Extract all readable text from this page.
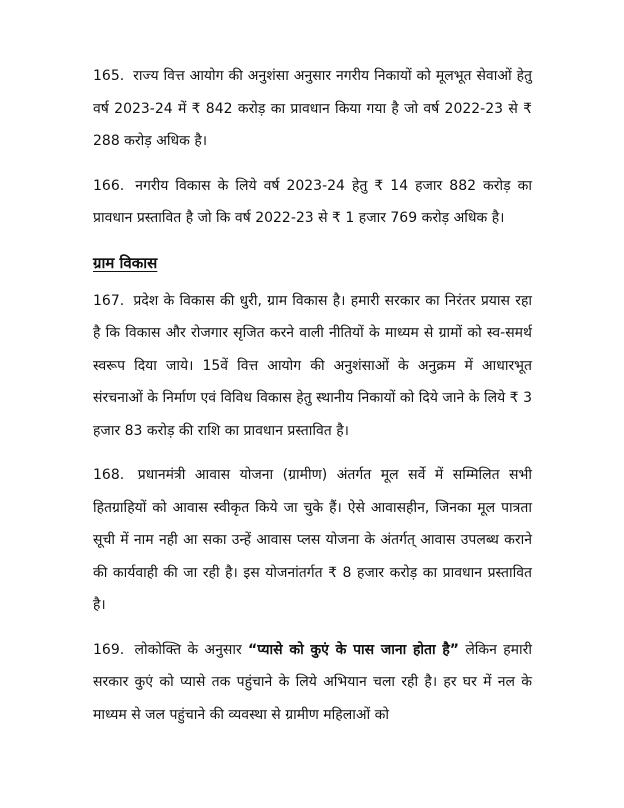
165. राज्य वित्त आयोग की अनुशंसा अनुसार नगरीय निकायों को मूलभूत सेवाओं हेतु वर्ष 2023-24 में ₹ 842 करोड़ का प्रावधान किया गया है जो वर्ष 2022-23 से ₹ 288 करोड़ अधिक है।

166. नगरीय विकास के लिये वर्ष 2023-24 हेतु ₹ 14 हजार 882 करोड़ का प्रावधान प्रस्तावित है जो कि वर्ष 2022-23 से ₹ 1 हजार 769 करोड़ अधिक है।

ग्राम विकास

167. प्रदेश के विकास की धुरी, ग्राम विकास है। हमारी सरकार का निरंतर प्रयास रहा है कि विकास और रोजगार सृजित करने वाली नीतियों के माध्यम से ग्रामों को स्व-समर्थ स्वरूप दिया जाये। 15वें वित्त आयोग की अनुशंसाओं के अनुक्रम में आधारभूत संरचनाओं के निर्माण एवं विविध विकास हेतु स्थानीय निकायों को दिये जाने के लिये ₹ 3 हजार 83 करोड़ की राशि का प्रावधान प्रस्तावित है।

168. प्रधानमंत्री आवास योजना (ग्रामीण) अंतर्गत मूल सर्वे में सम्मिलित सभी हितग्राहियों को आवास स्वीकृत किये जा चुके हैं। ऐसे आवासहीन, जिनका मूल पात्रता सूची में नाम नही आ सका उन्हें आवास प्लस योजना के अंतर्गत् आवास उपलब्ध कराने की कार्यवाही की जा रही है। इस योजनांतर्गत ₹ 8 हजार करोड़ का प्रावधान प्रस्तावित है।

169. लोकोक्ति के अनुसार “प्यासे को कुएं के पास जाना होता है” लेकिन हमारी सरकार कुएं को प्यासे तक पहुंचाने के लिये अभियान चला रही है। हर घर में नल के माध्यम से जल पहुंचाने की व्यवस्था से ग्रामीण महिलाओं को
